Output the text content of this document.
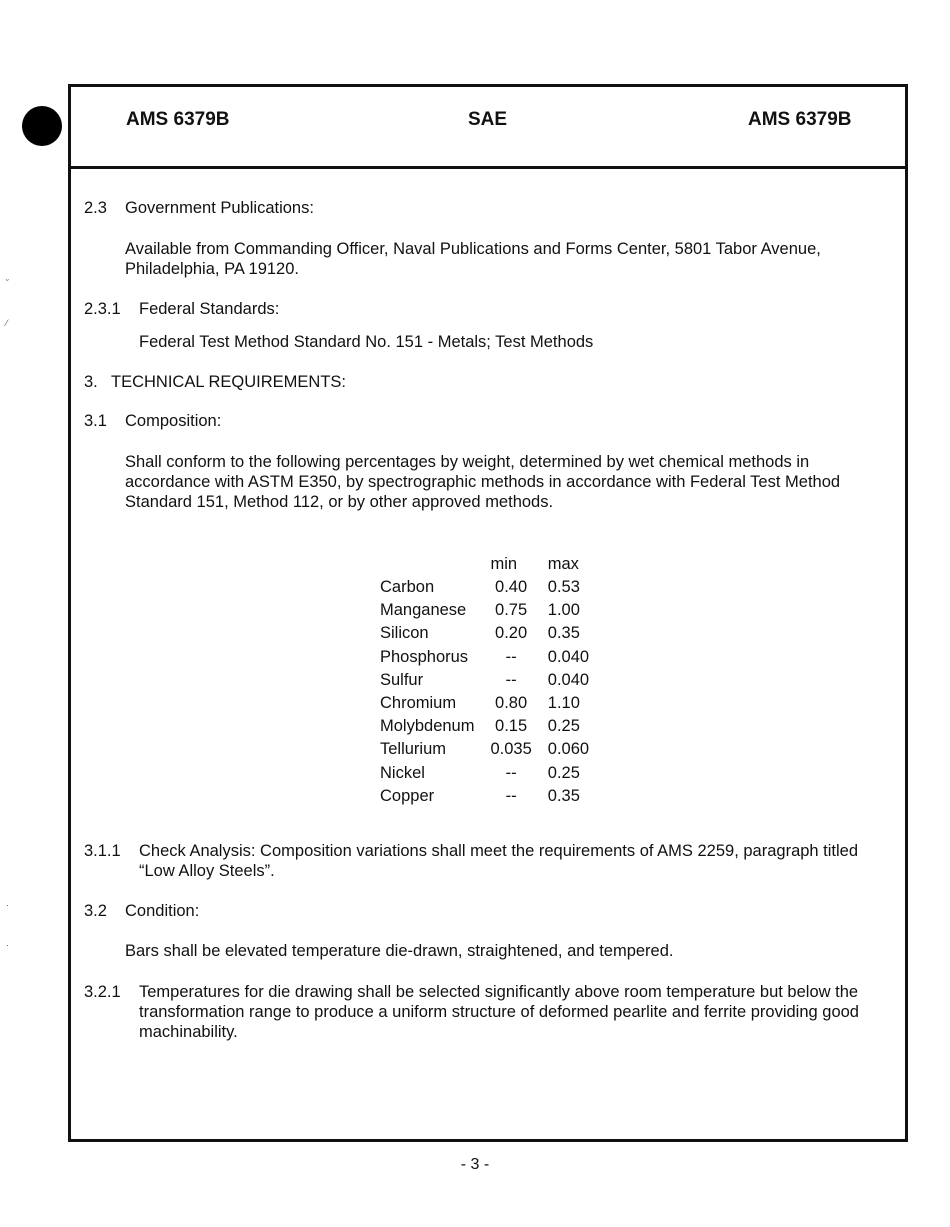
˘
⁄
·
·
AMS 6379B	SAE	AMS 6379B
2.3 Government Publications:
Available from Commanding Officer, Naval Publications and Forms Center, 5801 Tabor Avenue,
Philadelphia, PA 19120.
2.3.1 Federal Standards:
Federal Test Method Standard No. 151 - Metals; Test Methods
3. TECHNICAL REQUIREMENTS:
3.1 Composition:
Shall conform to the following percentages by weight, determined by wet chemical methods in
accordance with ASTM E350, by spectrographic methods in accordance with Federal Test Method
Standard 151, Method 112, or by other approved methods.
	min	max
Carbon	0.40	0.53
Manganese	0.75	1.00
Silicon	0.20	0.35
Phosphorus	--	0.040
Sulfur	--	0.040
Chromium	0.80	1.10
Molybdenum	0.15	0.25
Tellurium	0.035	0.060
Nickel	--	0.25
Copper	--	0.35
3.1.1 Check Analysis: Composition variations shall meet the requirements of AMS 2259, paragraph titled
“Low Alloy Steels”.
3.2 Condition:
Bars shall be elevated temperature die-drawn, straightened, and tempered.
3.2.1 Temperatures for die drawing shall be selected significantly above room temperature but below the
transformation range to produce a uniform structure of deformed pearlite and ferrite providing good
machinability.
- 3 -
